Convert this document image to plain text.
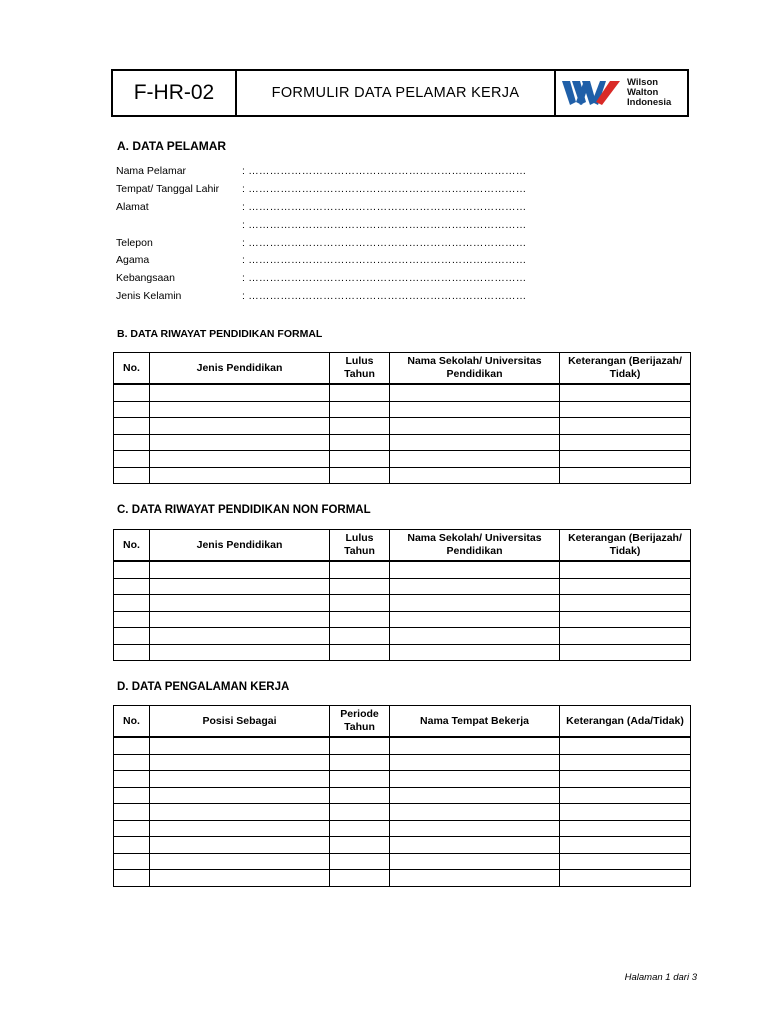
F-HR-02	FORMULIR DATA PELAMAR KERJA
Wilson
Walton
Indonesia
A. DATA PELAMAR
Nama Pelamar	: ……………………………………………………………………
Tempat/ Tanggal Lahir : ……………………………………………………………………
Alamat	: ……………………………………………………………………
: ……………………………………………………………………
Telepon	: ……………………………………………………………………
Agama	: ……………………………………………………………………
Kebangsaan	: ……………………………………………………………………
Jenis Kelamin	: ……………………………………………………………………
B. DATA RIWAYAT PENDIDIKAN FORMAL
No.	Jenis Pendidikan	Lulus Tahun	Nama Sekolah/ Universitas Pendidikan	Keterangan (Berijazah/ Tidak)

C. DATA RIWAYAT PENDIDIKAN NON FORMAL
No.	Jenis Pendidikan	Lulus Tahun	Nama Sekolah/ Universitas Pendidikan	Keterangan (Berijazah/ Tidak)

D. DATA PENGALAMAN KERJA
No.	Posisi Sebagai	Periode Tahun	Nama Tempat Bekerja	Keterangan (Ada/Tidak)

Halaman 1 dari 3
